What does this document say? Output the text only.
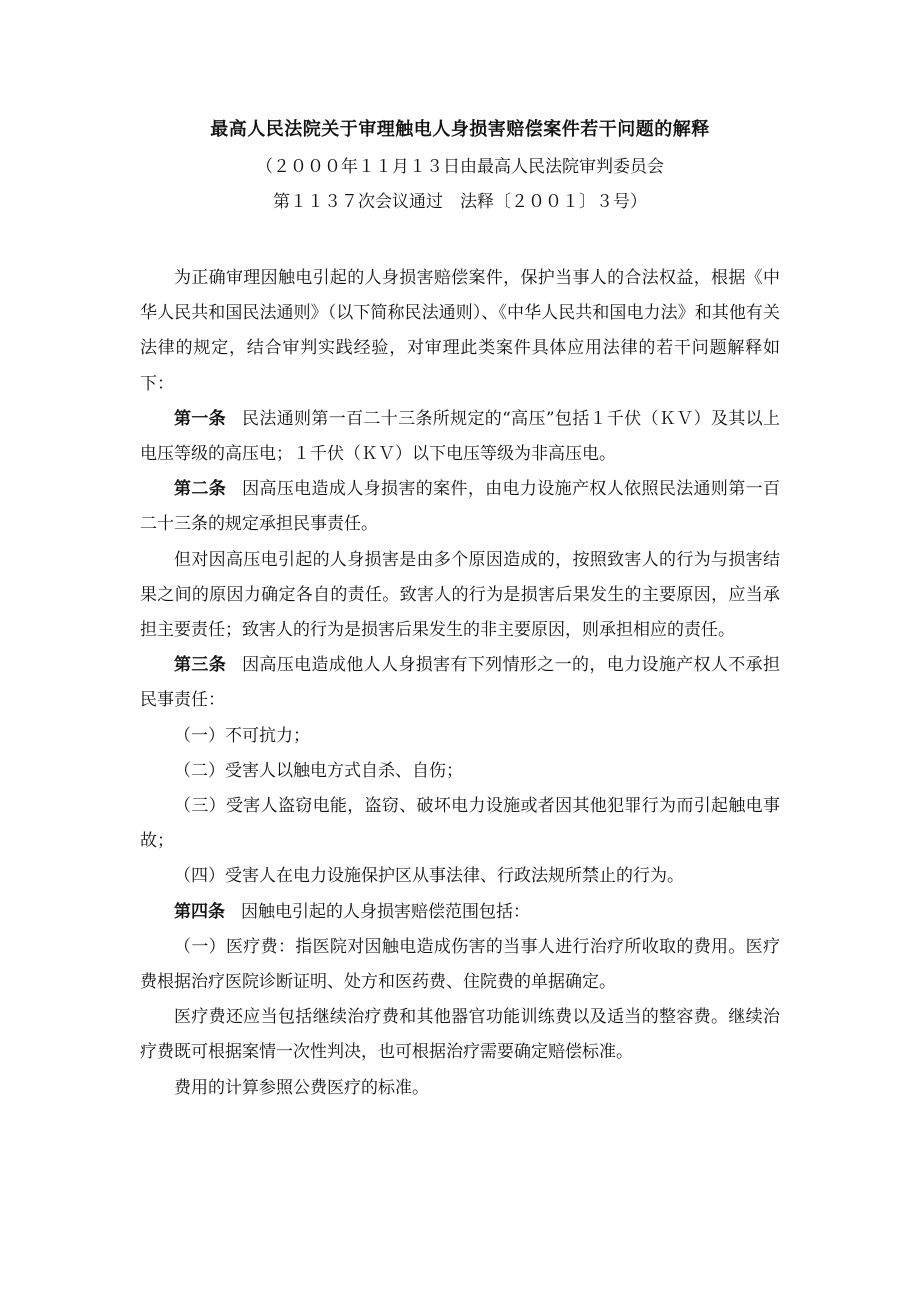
最高人民法院关于审理触电人身损害赔偿案件若干问题的解释
（２０００年１１月１３日由最高人民法院审判委员会
第１１３７次会议通过　法释〔２００１〕３号）

为正确审理因触电引起的人身损害赔偿案件，保护当事人的合法权益，根据《中华人民共和国民法通则》（以下简称民法通则）、《中华人民共和国电力法》和其他有关法律的规定，结合审判实践经验，对审理此类案件具体应用法律的若干问题解释如下：

第一条 民法通则第一百二十三条所规定的“高压”包括１千伏（ＫＶ）及其以上电压等级的高压电；１千伏（ＫＶ）以下电压等级为非高压电。

第二条 因高压电造成人身损害的案件，由电力设施产权人依照民法通则第一百二十三条的规定承担民事责任。

但对因高压电引起的人身损害是由多个原因造成的，按照致害人的行为与损害结果之间的原因力确定各自的责任。致害人的行为是损害后果发生的主要原因，应当承担主要责任；致害人的行为是损害后果发生的非主要原因，则承担相应的责任。

第三条 因高压电造成他人人身损害有下列情形之一的，电力设施产权人不承担民事责任：

（一）不可抗力；

（二）受害人以触电方式自杀、自伤；

（三）受害人盗窃电能，盗窃、破坏电力设施或者因其他犯罪行为而引起触电事故；

（四）受害人在电力设施保护区从事法律、行政法规所禁止的行为。

第四条 因触电引起的人身损害赔偿范围包括：

（一）医疗费：指医院对因触电造成伤害的当事人进行治疗所收取的费用。医疗费根据治疗医院诊断证明、处方和医药费、住院费的单据确定。

医疗费还应当包括继续治疗费和其他器官功能训练费以及适当的整容费。继续治疗费既可根据案情一次性判决，也可根据治疗需要确定赔偿标准。

费用的计算参照公费医疗的标准。
